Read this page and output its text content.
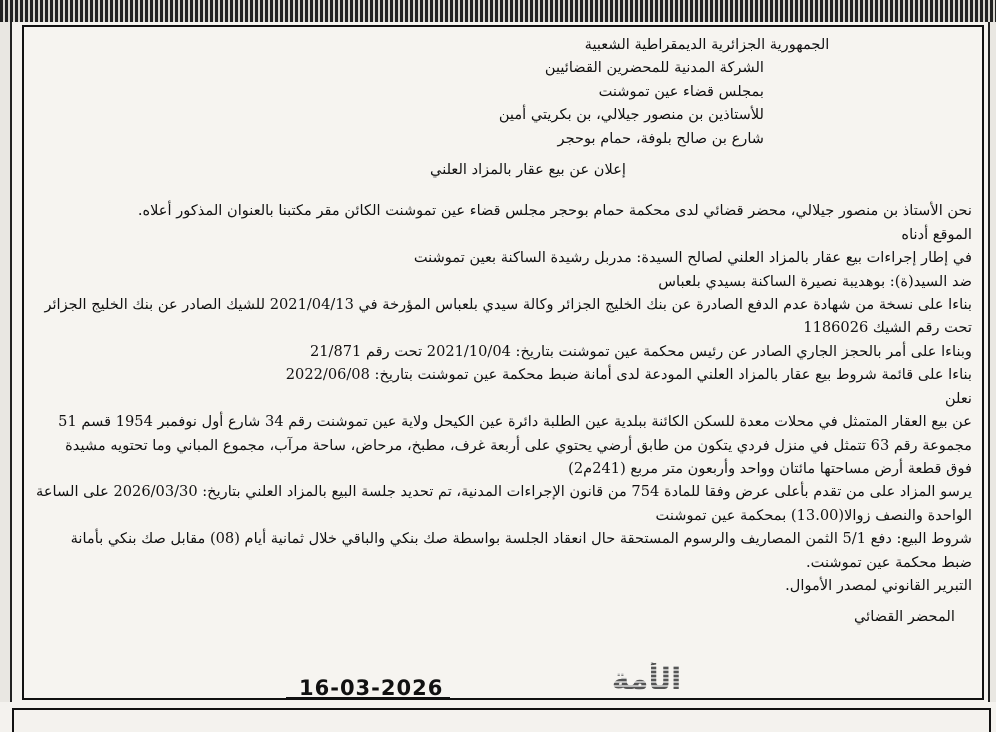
الجمهورية الجزائرية الديمقراطية الشعبية

الشركة المدنية للمحضرين القضائيين

بمجلس قضاء عين تموشنت

للأستاذين بن منصور جيلالي، بن بكريتي أمين

شارع بن صالح بلوفة، حمام بوحجر

إعلان عن بيع عقار بالمزاد العلني

نحن الأستاذ بن منصور جيلالي، محضر قضائي لدى محكمة حمام بوحجر مجلس قضاء عين تموشنت الكائن مقر مكتبنا بالعنوان المذكور أعلاه.

الموقع أدناه

في إطار إجراءات بيع عقار بالمزاد العلني لصالح السيدة: مدربل رشيدة الساكنة بعين تموشنت

ضد السيد(ة): بوهديبة نصيرة الساكنة بسيدي بلعباس

بناءا على نسخة من شهادة عدم الدفع الصادرة عن بنك الخليج الجزائر وكالة سيدي بلعباس المؤرخة في 2021/04/13 للشيك الصادر عن بنك الخليج الجزائر تحت رقم الشيك 1186026

وبناءا على أمر بالحجز الجاري الصادر عن رئيس محكمة عين تموشنت بتاريخ: 2021/10/04 تحت رقم 21/871

بناءا على قائمة شروط بيع عقار بالمزاد العلني المودعة لدى أمانة ضبط محكمة عين تموشنت بتاريخ: 2022/06/08

نعلن

عن بيع العقار المتمثل في محلات معدة للسكن الكائنة ببلدية عين الطلبة دائرة عين الكيحل ولاية عين تموشنت رقم 34 شارع أول نوفمبر 1954 قسم 51 مجموعة رقم 63 تتمثل في منزل فردي يتكون من طابق أرضي يحتوي على أربعة غرف، مطبخ، مرحاض، ساحة مرآب، مجموع المباني وما تحتويه مشيدة فوق قطعة أرض مساحتها مائتان وواحد وأربعون متر مربع (241م2)

يرسو المزاد على من تقدم بأعلى عرض وفقا للمادة 754 من قانون الإجراءات المدنية، تم تحديد جلسة البيع بالمزاد العلني بتاريخ: 2026/03/30 على الساعة الواحدة والنصف زوالا(13.00) بمحكمة عين تموشنت

شروط البيع: دفع 5/1 الثمن المصاريف والرسوم المستحقة حال انعقاد الجلسة بواسطة صك بنكي والباقي خلال ثمانية أيام (08) مقابل صك بنكي بأمانة ضبط محكمة عين تموشنت.

التبرير القانوني لمصدر الأموال.

المحضر القضائي

16-03-2026	الأمة
